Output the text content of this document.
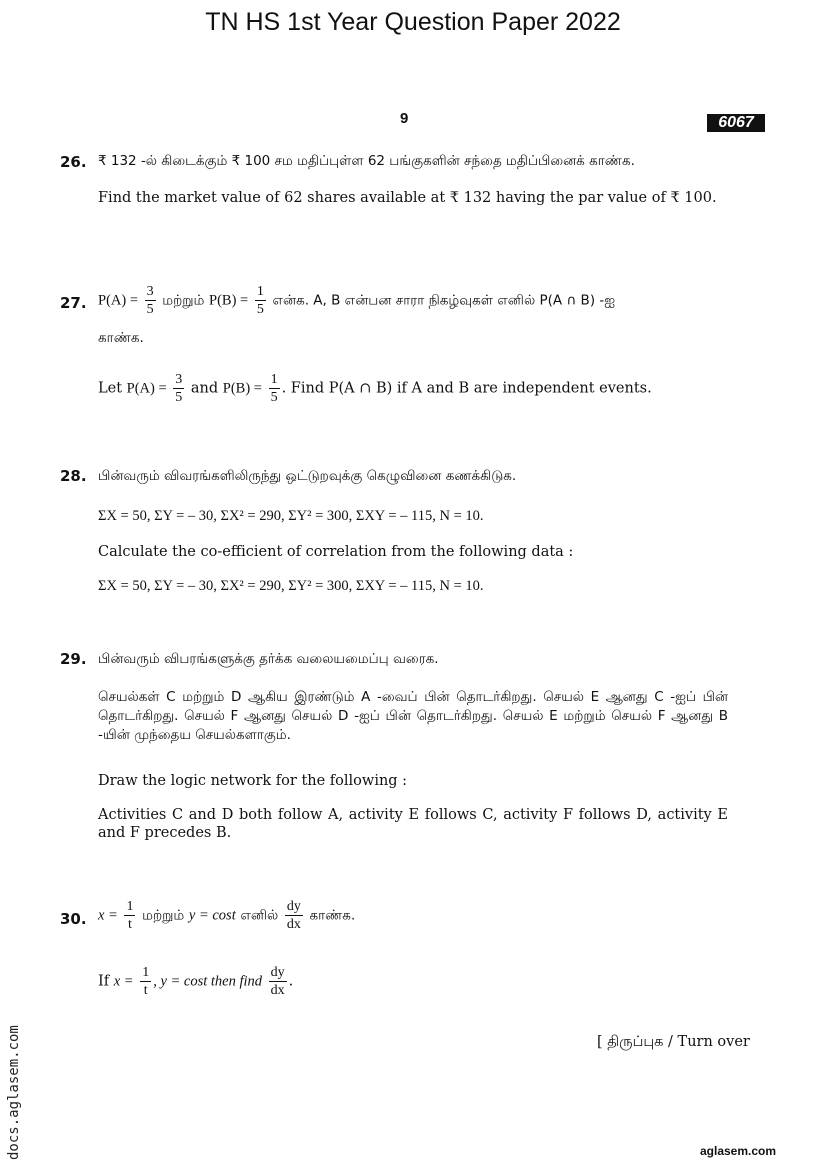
TN HS 1st Year Question Paper 2022
9	6067
26. ₹ 132 -ல் கிடைக்கும் ₹ 100 சம மதிப்புள்ள 62 பங்குகளின் சந்தை மதிப்பினைக் காண்க.
Find the market value of 62 shares available at ₹ 132 having the par value of ₹ 100.
27. $P(A) = \frac{3}{5}$ மற்றும் $P(B) = \frac{1}{5}$ என்க. A, B என்பன சாரா நிகழ்வுகள் எனில் P(A ∩ B) -ஐ
காண்க.
Let $P(A) = \frac{3}{5}$ and $P(B) = \frac{1}{5}$ . Find P(A ∩ B) if A and B are independent events.
28. பின்வரும் விவரங்களிலிருந்து ஒட்டுறவுக்கு கெழுவினை கணக்கிடுக.
ΣX = 50, ΣY = – 30, ΣX² = 290, ΣY² = 300, ΣXY = – 115, N = 10.
Calculate the co-efficient of correlation from the following data :
ΣX = 50, ΣY = – 30, ΣX² = 290, ΣY² = 300, ΣXY = – 115, N = 10.
29. பின்வரும் விபரங்களுக்கு தர்க்க வலையமைப்பு வரைக.
செயல்கள் C மற்றும் D ஆகிய இரண்டும் A -வைப் பின் தொடர்கிறது. செயல் E ஆனது C -ஐப் பின் தொடர்கிறது. செயல் F ஆனது செயல் D -ஐப் பின் தொடர்கிறது. செயல் E மற்றும் செயல் F ஆனது B -யின் முந்தைய செயல்களாகும்.
Draw the logic network for the following :
Activities C and D both follow A, activity E follows C, activity F follows D, activity E and F precedes B.
30. $x = \frac{1}{t}$ மற்றும் y = cost எனில் $\frac{dy}{dx}$ காண்க.
If $x = \frac{1}{t}$ , y = cost then find $\frac{dy}{dx}$ .
[ திருப்புக / Turn over
docs.aglasem.com	aglasem.com
